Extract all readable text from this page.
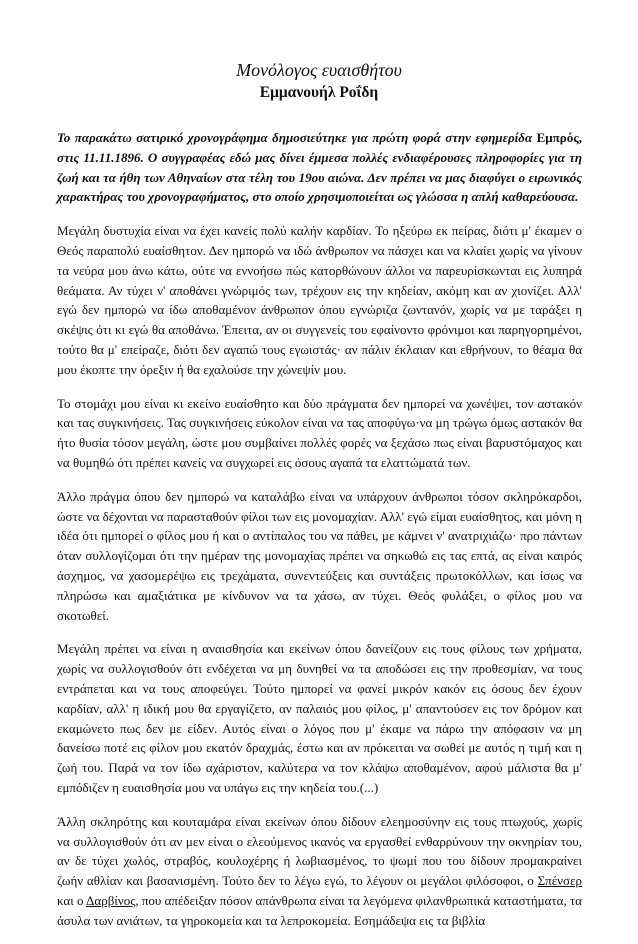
Μονόλογος ευαισθήτου
Εμμανουήλ Ροΐδη

Το παρακάτω σατιρικό χρονογράφημα δημοσιεύτηκε για πρώτη φορά στην εφημερίδα Εμπρός, στις 11.11.1896. Ο συγγραφέας εδώ μας δίνει έμμεσα πολλές ενδιαφέρουσες πληροφορίες για τη ζωή και τα ήθη των Αθηναίων στα τέλη του 19ου αιώνα. Δεν πρέπει να μας διαφύγει ο ειρωνικός χαρακτήρας του χρονογραφήματος, στο οποίο χρησιμοποιείται ως γλώσσα η απλή καθαρεύουσα.

Μεγάλη δυστυχία είναι να έχει κανείς πολύ καλήν καρδίαν. Το ηξεύρω εκ πείρας, διότι μ' έκαμεν ο Θεός παραπολύ ευαίσθητον. Δεν ημπορώ να ιδώ άνθρωπον να πάσχει και να κλαίει χωρίς να γίνουν τα νεύρα μου άνω κάτω, ούτε να εννοήσω πώς κατορθώνουν άλλοι να παρευρίσκωνται εις λυπηρά θεάματα. Αν τύχει ν' αποθάνει γνώριμός των, τρέχουν εις την κηδείαν, ακόμη και αν χιονίζει. Αλλ' εγώ δεν ημπορώ να ίδω αποθαμένον άνθρωπον όπου εγνώριζα ζωντανόν, χωρίς να με ταράξει η σκέψις ότι κι εγώ θα αποθάνω. Έπειτα, αν οι συγγενείς του εφαίνοντο φρόνιμοι και παρηγορημένοι, τούτο θα μ' επείραζε, διότι δεν αγαπώ τους εγωιστάς· αν πάλιν έκλαιαν και εθρήνουν, το θέαμα θα μου έκοπτε την όρεξιν ή θα εχαλούσε την χώνεψίν μου.

Το στομάχι μου είναι κι εκείνο ευαίσθητο και δύο πράγματα δεν ημπορεί να χωνέψει, τον αστακόν και τας συγκινήσεις. Τας συγκινήσεις εύκολον είναι να τας αποφύγω·να μη τρώγω όμως αστακόν θα ήτο θυσία τόσον μεγάλη, ώστε μου συμβαίνει πολλές φορές να ξεχάσω πως είναι βαρυστόμαχος και να θυμηθώ ότι πρέπει κανείς να συγχωρεί εις όσους αγαπά τα ελαττώματά των.

Άλλο πράγμα όπου δεν ημπορώ να καταλάβω είναι να υπάρχουν άνθρωποι τόσον σκληρόκαρδοι, ώστε να δέχονται να παρασταθούν φίλοι των εις μονομαχίαν. Αλλ' εγώ είμαι ευαίσθητος, και μόνη η ιδέα ότι ημπορεί ο φίλος μου ή και ο αντίπαλος του να πάθει, με κάμνει ν' ανατριχιάζω· προ πάντων όταν συλλογίζομαι ότι την ημέραν της μονομαχίας πρέπει να σηκωθώ εις τας επτά, ας είναι καιρός άσχημος, να χασομερέψω εις τρεχάματα, συνεντεύξεις και συντάξεις πρωτοκόλλων, και ίσως να πληρώσω και αμαξιάτικα με κίνδυνον να τα χάσω, αν τύχει. Θεός φυλάξει, ο φίλος μου να σκοτωθεί.

Μεγάλη πρέπει να είναι η αναισθησία και εκείνων όπου δανείζουν εις τους φίλους των χρήματα, χωρίς να συλλογισθούν ότι ενδέχεται να μη δυνηθεί να τα αποδώσει εις την προθεσμίαν, να τους εντράπεται και να τους αποφεύγει. Τούτο ημπορεί να φανεί μικρόν κακόν εις όσους δεν έχουν καρδίαν, αλλ' η ιδική μου θα εργαγίζετο, αν παλαιός μου φίλος, μ' απαντούσεν εις τον δρόμον και εκαμώνετο πως δεν με είδεν. Αυτός είναι ο λόγος που μ' έκαμε να πάρω την απόφασιν να μη δανείσω ποτέ εις φίλον μου εκατόν δραχμάς, έστω και αν πρόκειται να σωθεί με αυτός η τιμή και η ζωή του. Παρά να τον ίδω αχάριστον, καλύτερα να τον κλάψω αποθαμένον, αφού μάλιστα θα μ' εμπόδιζεν η ευαισθησία μου να υπάγω εις την κηδεία του.(...)

Άλλη σκληρότης και κουταμάρα είναι εκείνων όπου δίδουν ελεημοσύνην εις τους πτωχούς, χωρίς να συλλογισθούν ότι αν μεν είναι ο ελεούμενος ικανός να εργασθεί ενθαρρύνουν την οκνηρίαν του, αν δε τύχει χωλός, στραβός, κουλοχέρης ή λωβιασμένος, το ψωμί που του δίδουν προμακραίνει ζωήν αθλίαν και βασανισμένη. Τούτο δεν το λέγω εγώ, το λέγουν οι μεγάλοι φιλόσοφοι, ο Σπένσερ και ο Δαρβίνος, που απέδειξαν πόσον απάνθρωπα είναι τα λεγόμενα φιλανθρωπικά καταστήματα, τα άσυλα των ανιάτων, τα γηροκομεία και τα λεπροκομεία. Εσημάδεψα εις τα βιβλία
